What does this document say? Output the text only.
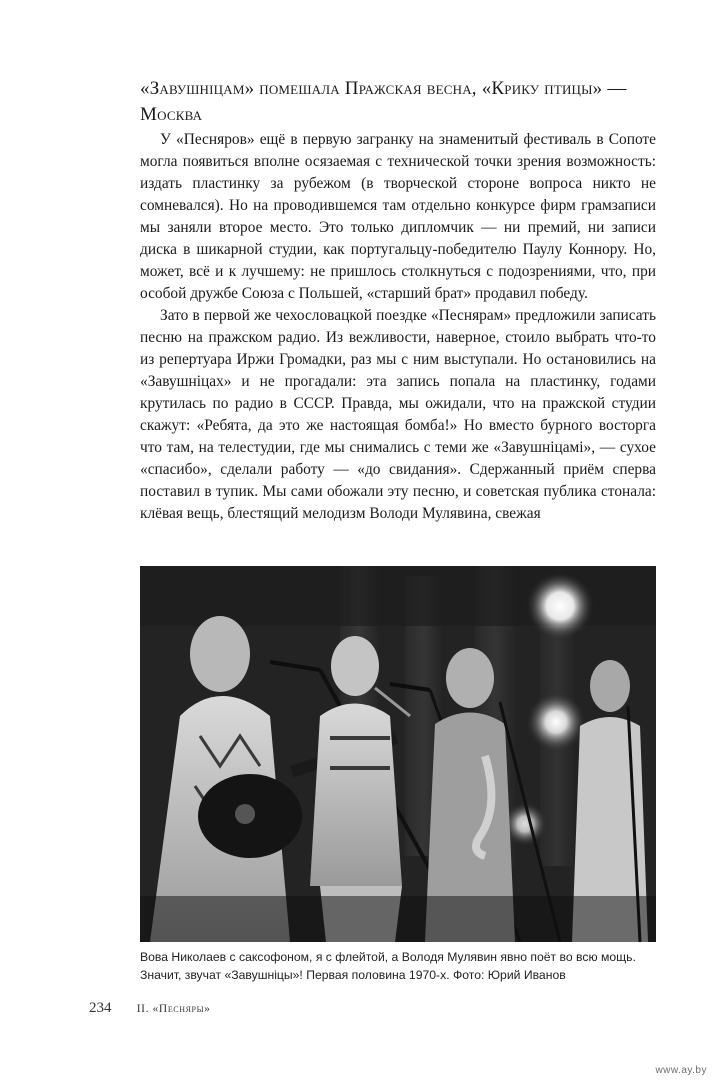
«Завушніцам» помешала Пражская весна, «Крику птицы» — Москва

У «Песняров» ещё в первую загранку на знаменитый фестиваль в Сопоте могла появиться вполне осязаемая с технической точки зрения возможность: издать пластинку за рубежом (в творческой стороне вопроса никто не сомневался). Но на проводившемся там отдельно конкурсе фирм грамзаписи мы заняли второе место. Это только дипломчик — ни премий, ни записи диска в шикарной студии, как португальцу-победителю Паулу Коннору. Но, может, всё и к лучшему: не пришлось столкнуться с подозрениями, что, при особой дружбе Союза с Польшей, «старший брат» продавил победу.

Зато в первой же чехословацкой поездке «Песнярам» предложили записать песню на пражском радио. Из вежливости, наверное, стоило выбрать что-то из репертуара Иржи Громадки, раз мы с ним выступали. Но остановились на «Завушніцах» и не прогадали: эта запись попала на пластинку, годами крутилась по радио в СССР. Правда, мы ожидали, что на пражской студии скажут: «Ребята, да это же настоящая бомба!» Но вместо бурного восторга что там, на телестудии, где мы снимались с теми же «Завушніцамі», — сухое «спасибо», сделали работу — «до свидания». Сдержанный приём сперва поставил в тупик. Мы сами обожали эту песню, и советская публика стонала: клёвая вещь, блестящий мелодизм Володи Мулявина, свежая

Вова Николаев с саксофоном, я с флейтой, а Володя Мулявин явно поёт во всю мощь. Значит, звучат «Завушніцы»! Первая половина 1970-х. Фото: Юрий Иванов

234 II. «Песняры»
www.ay.by
